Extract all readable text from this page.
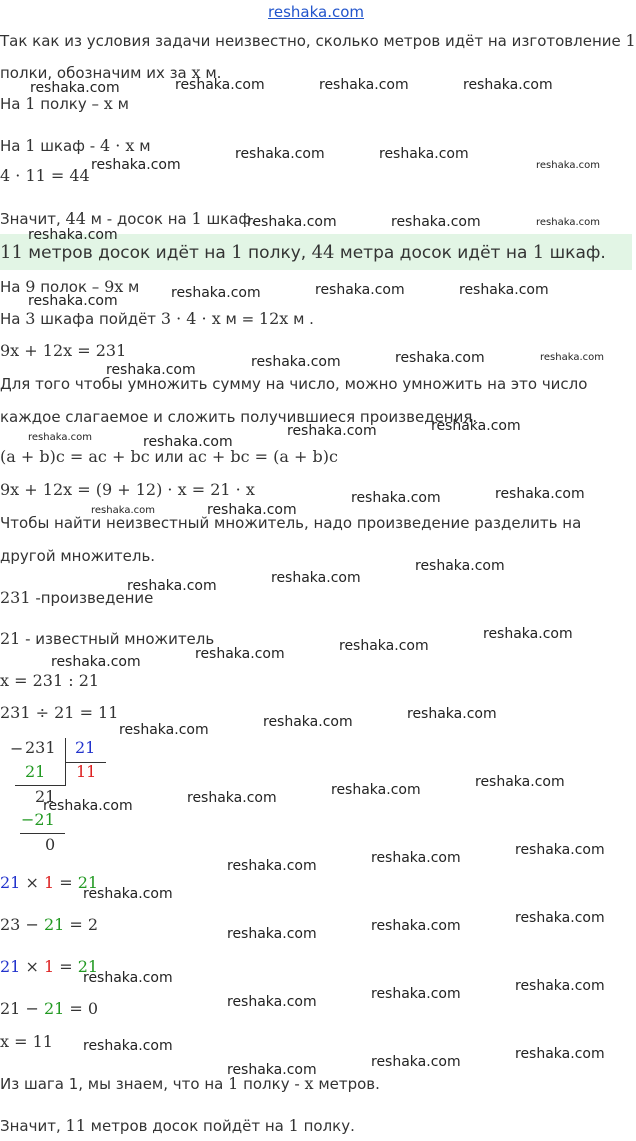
reshaka.com
Так как из условия задачи неизвестно, сколько метров идёт на изготовление 1
полки, обозначим их за x м.
На 1 полку – x м
На 1 шкаф - 4 · x м
4 · 11 = 44
Значит, 44 м - досок на 1 шкаф.
11 метров досок идёт на 1 полку, 44 метра досок идёт на 1 шкаф.
На 9 полок – 9x м
На 3 шкафа пойдёт 3 · 4 · x м = 12x м .
9x + 12x = 231
Для того чтобы умножить сумму на число, можно умножить на это число
каждое слагаемое и сложить получившиеся произведения.
(a + b)c = ac + bc или ac + bc = (a + b)c
9x + 12x = (9 + 12) · x = 21 · x
Чтобы найти неизвестный множитель, надо произведение разделить на
другой множитель.
231 -произведение
21 - известный множитель
x = 231 : 21
231 ÷ 21 = 11
21 × 1 = 21
23 − 21 = 2
21 × 1 = 21
21 − 21 = 0
x = 11
Из шага 1, мы знаем, что на 1 полку - x метров.
Значит, 11 метров досок пойдёт на 1 полку.
− 231 21
21 11
21
−21
0
reshaka.com	reshaka.com	reshaka.com	reshaka.com
reshaka.com
reshaka.com	reshaka.com
reshaka.com
reshaka.com	reshaka.com	reshaka.com
reshaka.com
reshaka.com	reshaka.com	reshaka.com	reshaka.com
reshaka.com	reshaka.com	reshaka.com
reshaka.com
reshaka.com	reshaka.com
reshaka.com	reshaka.com
reshaka.com	reshaka.com
reshaka.com	reshaka.com
reshaka.com	reshaka.com
reshaka.com
reshaka.com	reshaka.com	reshaka.com
reshaka.com
reshaka.com	reshaka.com	reshaka.com
reshaka.com	reshaka.com	reshaka.com	reshaka.com
reshaka.com
reshaka.com	reshaka.com	reshaka.com
reshaka.com	reshaka.com	reshaka.com
reshaka.com
reshaka.com	reshaka.com	reshaka.com
reshaka.com
reshaka.com	reshaka.com	reshaka.com
